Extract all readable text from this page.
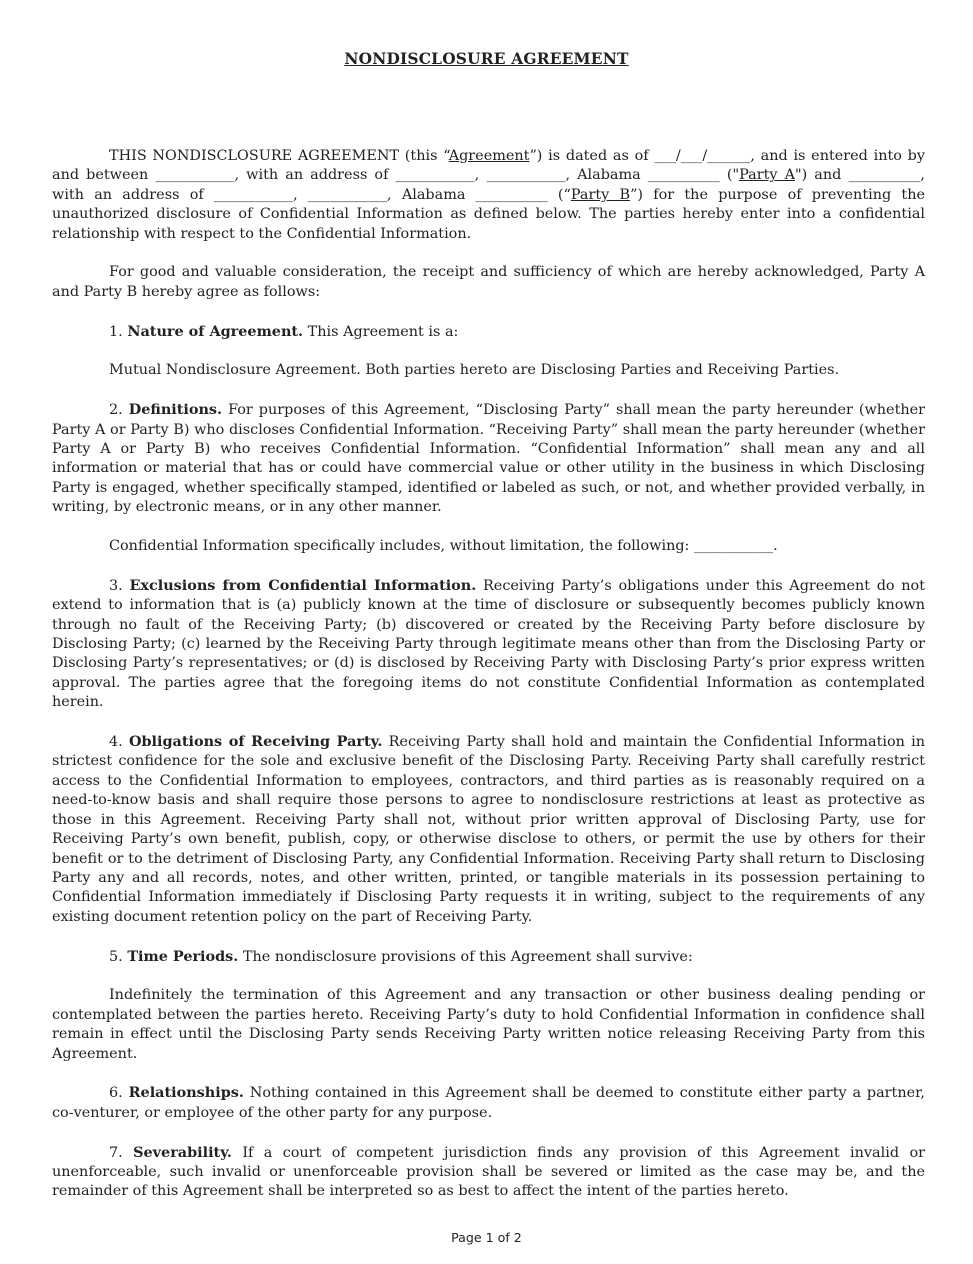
NONDISCLOSURE AGREEMENT

THIS NONDISCLOSURE AGREEMENT (this “Agreement”) is dated as of ___/___/______, and is entered into by and between ___________, with an address of ___________, ___________, Alabama __________ ("Party A") and __________, with an address of ___________, ___________, Alabama __________ (“Party B”) for the purpose of preventing the unauthorized disclosure of Confidential Information as defined below. The parties hereby enter into a confidential relationship with respect to the Confidential Information.

For good and valuable consideration, the receipt and sufficiency of which are hereby acknowledged, Party A and Party B hereby agree as follows:

1. Nature of Agreement. This Agreement is a:

Mutual Nondisclosure Agreement. Both parties hereto are Disclosing Parties and Receiving Parties.

2. Definitions. For purposes of this Agreement, “Disclosing Party” shall mean the party hereunder (whether Party A or Party B) who discloses Confidential Information. “Receiving Party” shall mean the party hereunder (whether Party A or Party B) who receives Confidential Information. “Confidential Information” shall mean any and all information or material that has or could have commercial value or other utility in the business in which Disclosing Party is engaged, whether specifically stamped, identified or labeled as such, or not, and whether provided verbally, in writing, by electronic means, or in any other manner.

Confidential Information specifically includes, without limitation, the following: ___________.

3. Exclusions from Confidential Information. Receiving Party’s obligations under this Agreement do not extend to information that is (a) publicly known at the time of disclosure or subsequently becomes publicly known through no fault of the Receiving Party; (b) discovered or created by the Receiving Party before disclosure by Disclosing Party; (c) learned by the Receiving Party through legitimate means other than from the Disclosing Party or Disclosing Party’s representatives; or (d) is disclosed by Receiving Party with Disclosing Party’s prior express written approval. The parties agree that the foregoing items do not constitute Confidential Information as contemplated herein.

4. Obligations of Receiving Party. Receiving Party shall hold and maintain the Confidential Information in strictest confidence for the sole and exclusive benefit of the Disclosing Party. Receiving Party shall carefully restrict access to the Confidential Information to employees, contractors, and third parties as is reasonably required on a need-to-know basis and shall require those persons to agree to nondisclosure restrictions at least as protective as those in this Agreement. Receiving Party shall not, without prior written approval of Disclosing Party, use for Receiving Party’s own benefit, publish, copy, or otherwise disclose to others, or permit the use by others for their benefit or to the detriment of Disclosing Party, any Confidential Information. Receiving Party shall return to Disclosing Party any and all records, notes, and other written, printed, or tangible materials in its possession pertaining to Confidential Information immediately if Disclosing Party requests it in writing, subject to the requirements of any existing document retention policy on the part of Receiving Party.

5. Time Periods. The nondisclosure provisions of this Agreement shall survive:

Indefinitely the termination of this Agreement and any transaction or other business dealing pending or contemplated between the parties hereto. Receiving Party’s duty to hold Confidential Information in confidence shall remain in effect until the Disclosing Party sends Receiving Party written notice releasing Receiving Party from this Agreement.

6. Relationships. Nothing contained in this Agreement shall be deemed to constitute either party a partner, co-venturer, or employee of the other party for any purpose.

7. Severability. If a court of competent jurisdiction finds any provision of this Agreement invalid or unenforceable, such invalid or unenforceable provision shall be severed or limited as the case may be, and the remainder of this Agreement shall be interpreted so as best to affect the intent of the parties hereto.

Page 1 of 2
